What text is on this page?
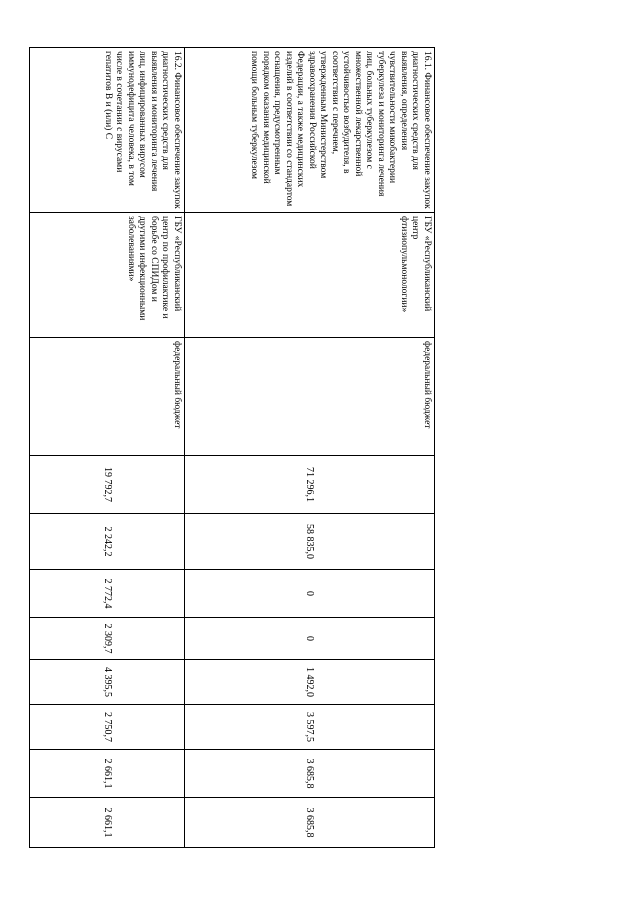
16.1. Финансовое обеспечение закупок диагностических средств для выявления, определения чувствительности микобактерии туберкулеза и мониторинга лечения лиц, больных туберкулезом с множественной лекарственной устойчивостью возбудителя, в соответствии с перечнем, утвержденным Министерством здравоохранения Российской Федерации, а также медицинских изделий в соответствии со стандартом оснащения, предусмотренным порядком оказания медицинской помощи больным туберкулезом	ГБУ «Республиканский центр фтизиопульмонологии»	федеральный бюджет	71 296,1	58 835,0	0	0	1 492,0	3 597,5	3 685,8	3 685,8
16.2. Финансовое обеспечение закупок диагностических средств для выявления и мониторинга лечения лиц, инфицированных вирусом иммунодефицита человека, в том числе в сочетании с вирусами гепатитов B и (или) C	ГБУ «Республиканский центр по профилактике и борьбе со СПИДом и другими инфекционными заболеваниями»	федеральный бюджет	19 792,7	2 242,2	2 772,4	2 309,7	4 395,5	2 750,7	2 661,1	2 661,1
